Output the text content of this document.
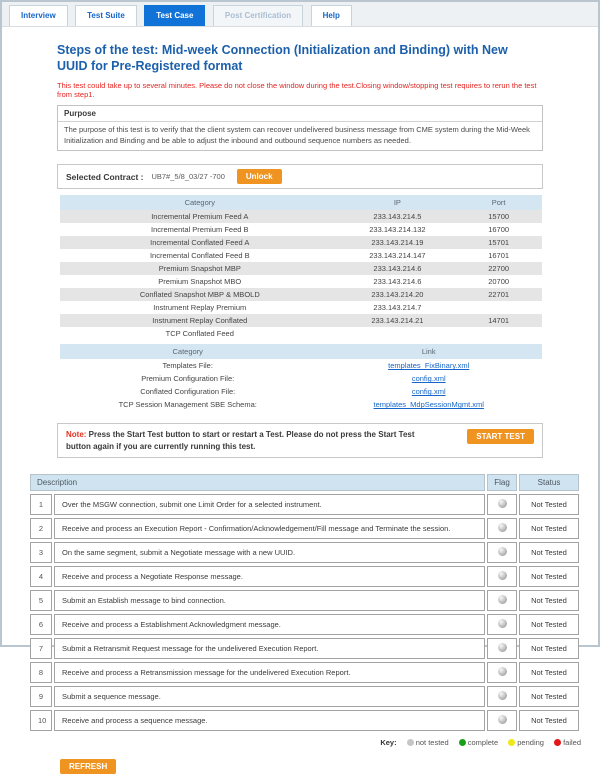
Interview	Test Suite	Test Case	Post Certification	Help
Steps of the test: Mid-week Connection (Initialization and Binding) with New UUID for Pre-Registered format
This test could take up to several minutes. Please do not close the window during the test.Closing window/stopping test requires to rerun the test from step1.
Purpose
The purpose of this test is to verify that the client system can recover undelivered business message from CME system during the Mid-Week Initialization and Binding and be able to adjust the inbound and outbound sequence numbers as needed.
Selected Contract : UB7#_5/8_03/27 -700	Unlock
Category	IP	Port
Incremental Premium Feed A	233.143.214.5	15700
Incremental Premium Feed B	233.143.214.132	16700
Incremental Conflated Feed A	233.143.214.19	15701
Incremental Conflated Feed B	233.143.214.147	16701
Premium Snapshot MBP	233.143.214.6	22700
Premium Snapshot MBO	233.143.214.6	20700
Conflated Snapshot MBP & MBOLD	233.143.214.20	22701
Instrument Replay Premium	233.143.214.7	
Instrument Replay Conflated	233.143.214.21	14701
TCP Conflated Feed		
Category	Link
Templates File:	templates_FixBinary.xml
Premium Configuration File:	config.xml
Conflated Configuration File:	config.xml
TCP Session Management SBE Schema:	templates_MdpSessionMgmt.xml
Note: Press the Start Test button to start or restart a Test. Please do not press the Start Test button again if you are currently running this test.
START TEST
Description		Flag	Status
1	Over the MSGW connection, submit one Limit Order for a selected instrument.		Not Tested
2	Receive and process an Execution Report - Confirmation/Acknowledgement/Fill message and Terminate the session.		Not Tested
3	On the same segment, submit a Negotiate message with a new UUID.		Not Tested
4	Receive and process a Negotiate Response message.		Not Tested
5	Submit an Establish message to bind connection.		Not Tested
6	Receive and process a Establishment Acknowledgment message.		Not Tested
7	Submit a Retransmit Request message for the undelivered Execution Report.		Not Tested
8	Receive and process a Retransmission message for the undelivered Execution Report.		Not Tested
9	Submit a sequence message.		Not Tested
10	Receive and process a sequence message.		Not Tested
Key:	not tested	complete	pending	failed
REFRESH
